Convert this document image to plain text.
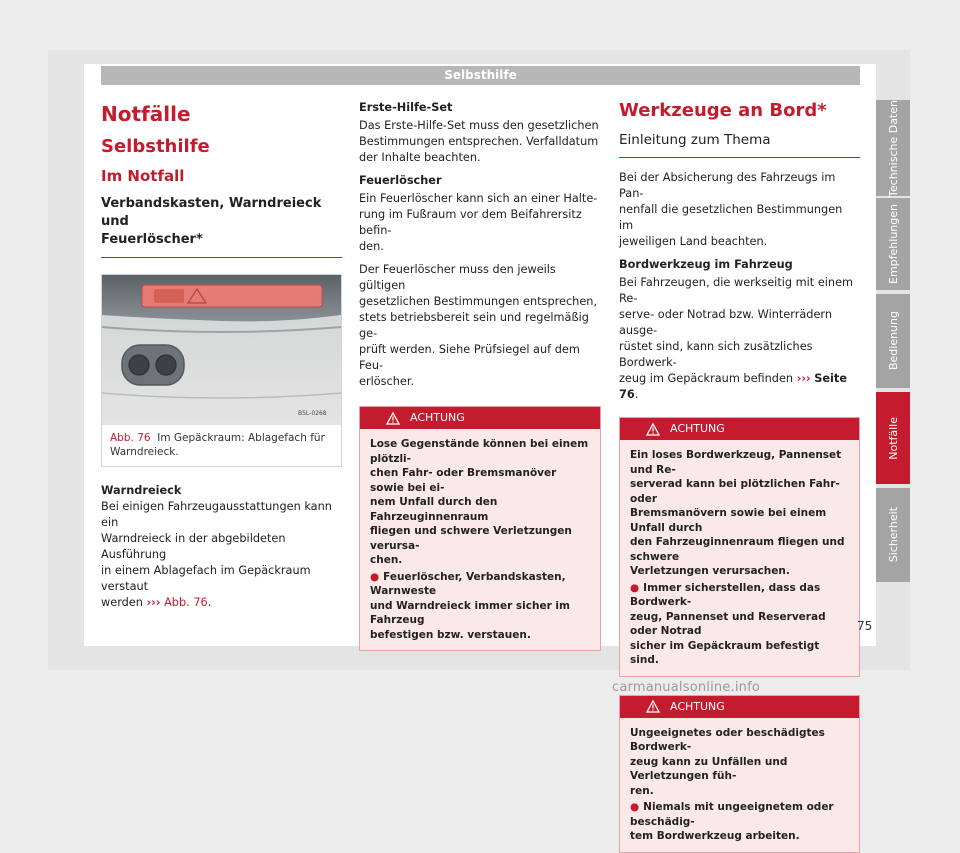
Selbsthilfe
Notfälle
Selbsthilfe
Im Notfall
Verbandskasten, Warndreieck und
Feuerlöscher*
B5L-0268
Abb. 76 Im Gepäckraum: Ablagefach für
Warndreieck.
Warndreieck
Bei einigen Fahrzeugausstattungen kann ein
Warndreieck in der abgebildeten Ausführung
in einem Ablagefach im Gepäckraum verstaut
werden ››› Abb. 76.
Erste-Hilfe-Set
Das Erste-Hilfe-Set muss den gesetzlichen
Bestimmungen entsprechen. Verfalldatum
der Inhalte beachten.
Feuerlöscher
Ein Feuerlöscher kann sich an einer Halte-
rung im Fußraum vor dem Beifahrersitz befin-
den.
Der Feuerlöscher muss den jeweils gültigen
gesetzlichen Bestimmungen entsprechen,
stets betriebsbereit sein und regelmäßig ge-
prüft werden. Siehe Prüfsiegel auf dem Feu-
erlöscher.
ACHTUNG
Lose Gegenstände können bei einem plötzli-
chen Fahr- oder Bremsmanöver sowie bei ei-
nem Unfall durch den Fahrzeuginnenraum
fliegen und schwere Verletzungen verursa-
chen.
● Feuerlöscher, Verbandskasten, Warnweste
und Warndreieck immer sicher im Fahrzeug
befestigen bzw. verstauen.
Werkzeuge an Bord*
Einleitung zum Thema
Bei der Absicherung des Fahrzeugs im Pan-
nenfall die gesetzlichen Bestimmungen im
jeweiligen Land beachten.
Bordwerkzeug im Fahrzeug
Bei Fahrzeugen, die werkseitig mit einem Re-
serve- oder Notrad bzw. Winterrädern ausge-
rüstet sind, kann sich zusätzliches Bordwerk-
zeug im Gepäckraum befinden ››› Seite 76.
ACHTUNG
Ein loses Bordwerkzeug, Pannenset und Re-
serverad kann bei plötzlichen Fahr- oder
Bremsmanövern sowie bei einem Unfall durch
den Fahrzeuginnenraum fliegen und schwere
Verletzungen verursachen.
● Immer sicherstellen, dass das Bordwerk-
zeug, Pannenset und Reserverad oder Notrad
sicher im Gepäckraum befestigt sind.
ACHTUNG
Ungeeignetes oder beschädigtes Bordwerk-
zeug kann zu Unfällen und Verletzungen füh-
ren.
● Niemals mit ungeeignetem oder beschädig-
tem Bordwerkzeug arbeiten.
Technische Daten
Empfehlungen
Bedienung
Notfälle
Sicherheit
75
carmanualsonline.info
